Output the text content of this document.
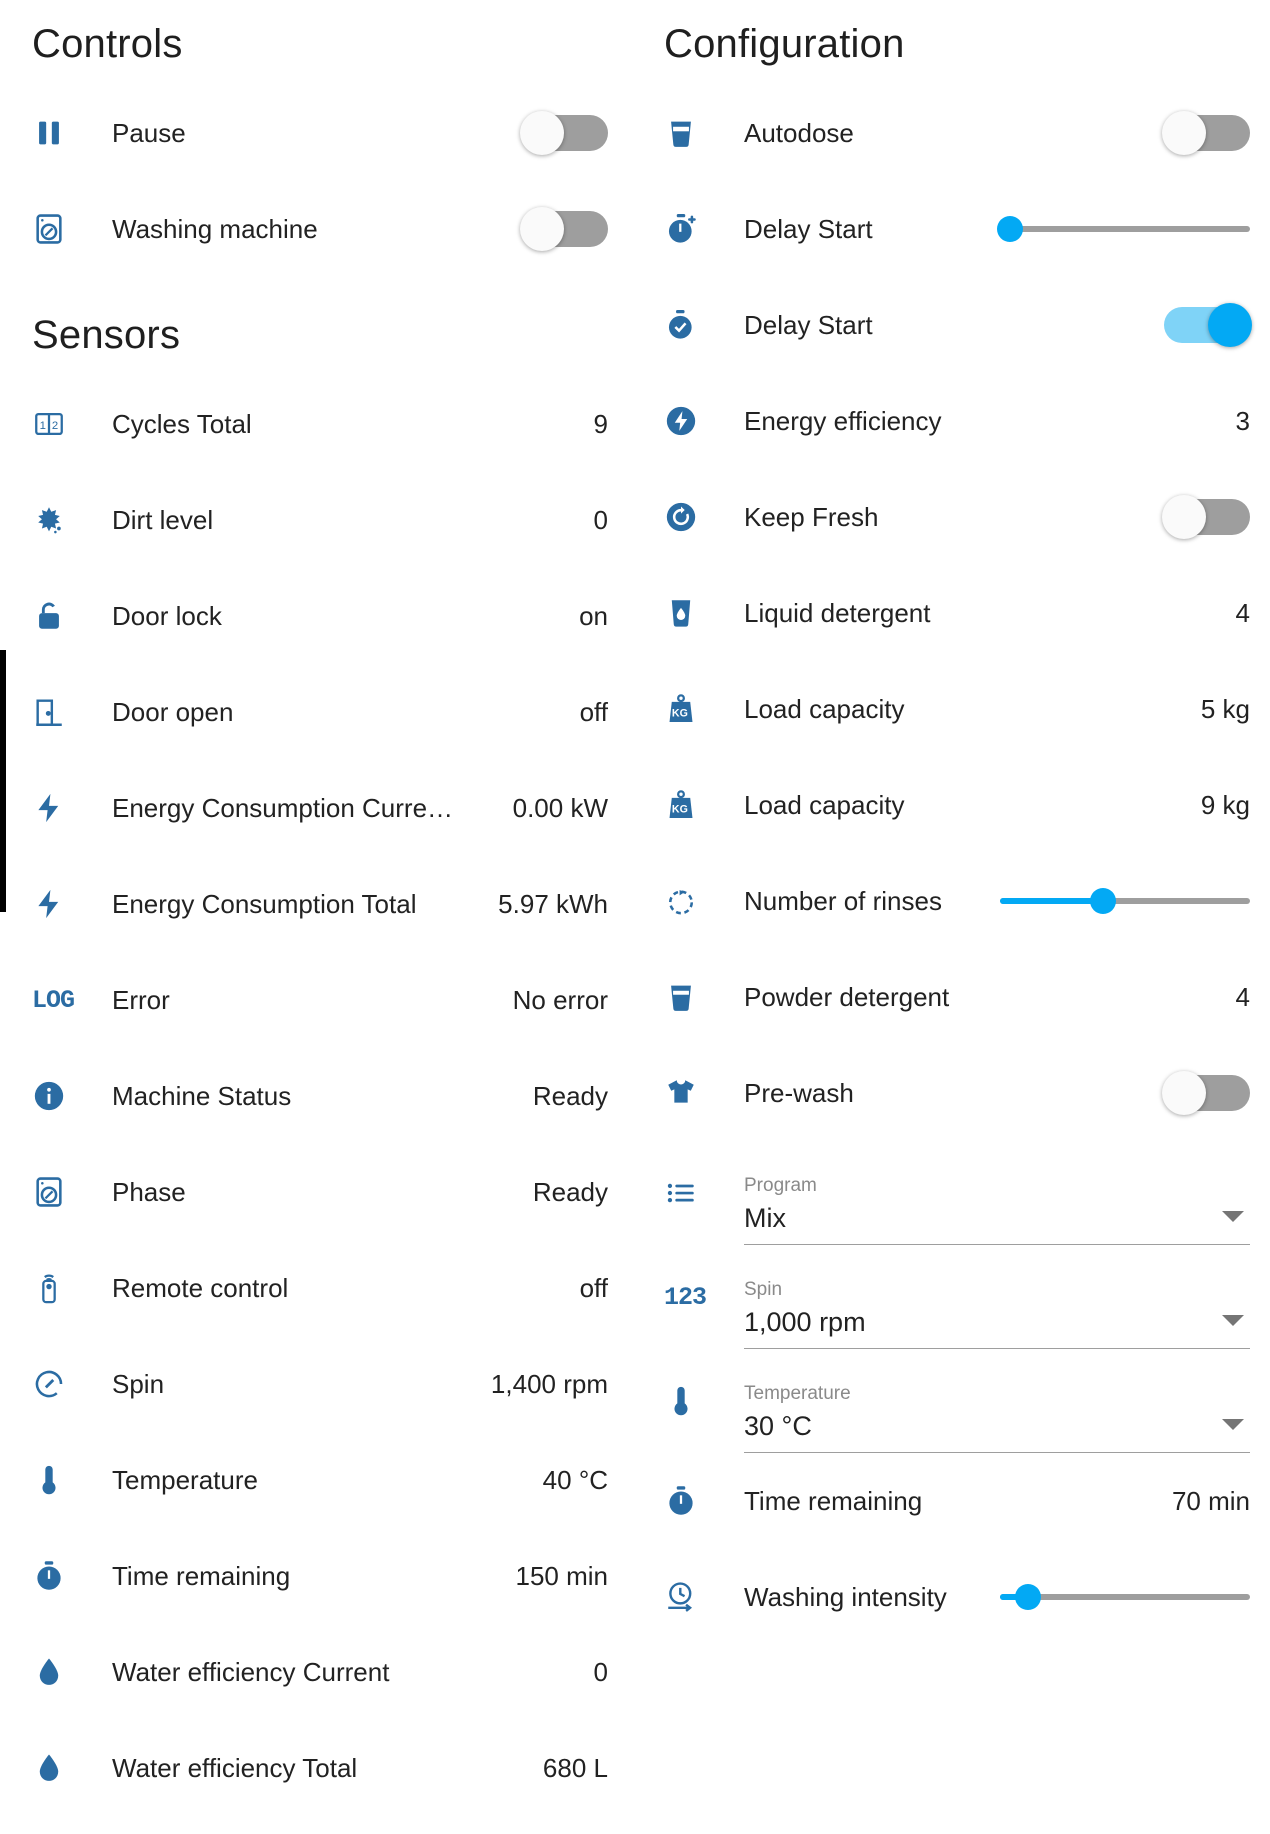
Controls
Pause
Washing machine
Sensors
1 2	Cycles Total	9
Dirt level	0
Door lock	on
Door open	off
Energy Consumption Curre…	0.00 kW
Energy Consumption Total	5.97 kWh
LOG	Error	No error
Machine Status	Ready
Phase	Ready
Remote control	off
Spin	1,400 rpm
Temperature	40 °C
Time remaining	150 min
Water efficiency Current	0
Water efficiency Total	680 L
Configuration
Autodose
Delay Start
Delay Start
Energy efficiency	3
Keep Fresh
Liquid detergent	4
KG	Load capacity	5 kg
KG	Load capacity	9 kg
Number of rinses
Powder detergent	4
Pre-wash
Program
Mix
123	Spin
1,000 rpm
Temperature
30 °C
Time remaining	70 min
Washing intensity
